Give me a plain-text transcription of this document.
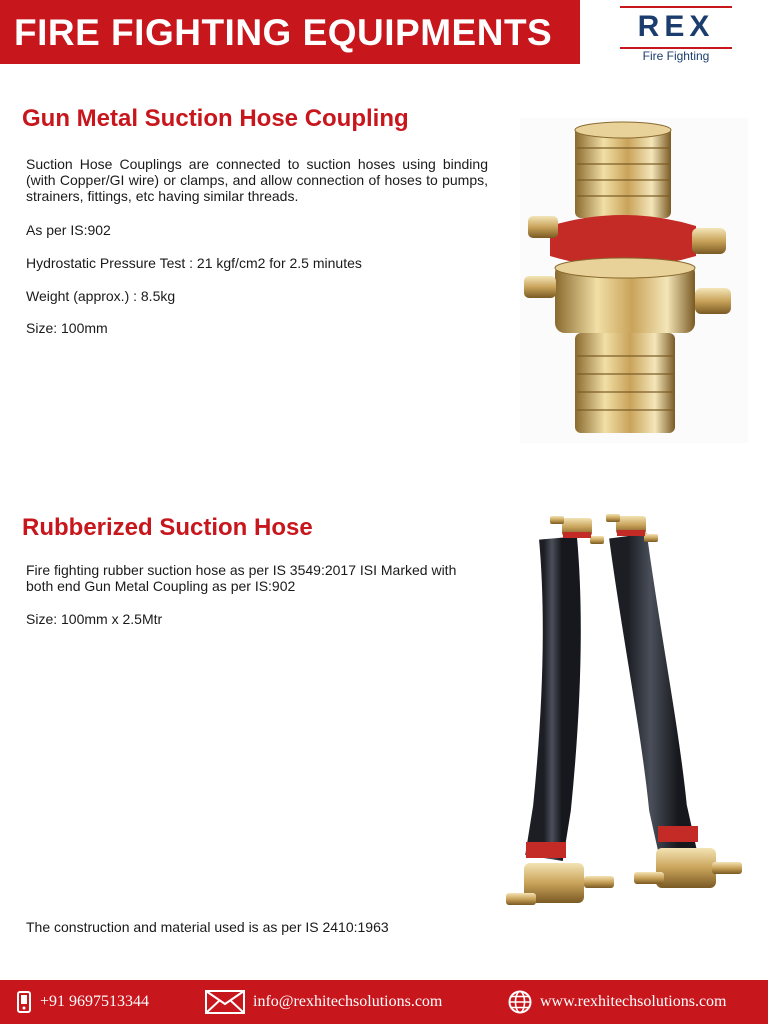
FIRE FIGHTING EQUIPMENTS	REX
Fire Fighting
Gun Metal Suction Hose Coupling
Suction Hose Couplings are connected to suction hoses using binding (with Copper/GI wire) or clamps, and allow connection of hoses to pumps, strainers, fittings, etc having similar threads.
As per IS:902
Hydrostatic Pressure Test : 21 kgf/cm2 for 2.5 minutes
Weight (approx.) : 8.5kg
Size: 100mm
Rubberized Suction Hose
Fire fighting rubber suction hose as per IS 3549:2017 ISI Marked with both end Gun Metal Coupling as per IS:902
Size: 100mm x 2.5Mtr
The construction and material used is as per IS 2410:1963
+91 9697513344	info@rexhitechsolutions.com	www.rexhitechsolutions.com
